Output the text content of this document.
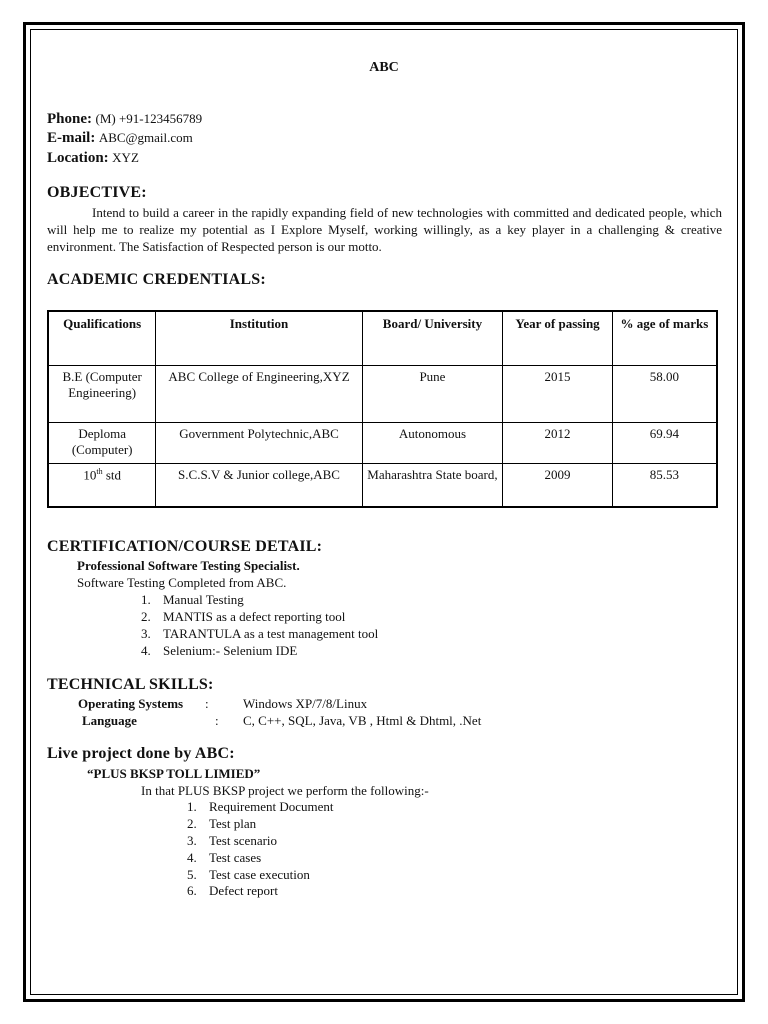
ABC
Phone: (M) +91-123456789
E-mail: ABC@gmail.com
Location: XYZ
OBJECTIVE:
Intend to build a career in the rapidly expanding field of new technologies with committed and dedicated people, which will help me to realize my potential as I Explore Myself, working willingly, as a key player in a challenging & creative environment. The Satisfaction of Respected person is our motto.
ACADEMIC CREDENTIALS:
Qualifications	Institution	Board/ University	Year of passing	% age of marks
B.E (Computer Engineering)	ABC College of Engineering,XYZ	Pune	2015	58.00
Deploma (Computer)	Government Polytechnic,ABC	Autonomous	2012	69.94
10th std	S.C.S.V & Junior college,ABC	Maharashtra State board,	2009	85.53
CERTIFICATION/COURSE DETAIL:
Professional Software Testing Specialist.
Software Testing Completed from ABC.
1. Manual Testing
2. MANTIS as a defect reporting tool
3. TARANTULA as a test management tool
4. Selenium:- Selenium IDE
TECHNICAL SKILLS:
Operating Systems :	Windows XP/7/8/Linux
Language	: C, C++, SQL, Java, VB , Html & Dhtml, .Net
Live project done by ABC:
“PLUS BKSP TOLL LIMIED”
In that PLUS BKSP project we perform the following:-
1. Requirement Document
2. Test plan
3. Test scenario
4. Test cases
5. Test case execution
6. Defect report
